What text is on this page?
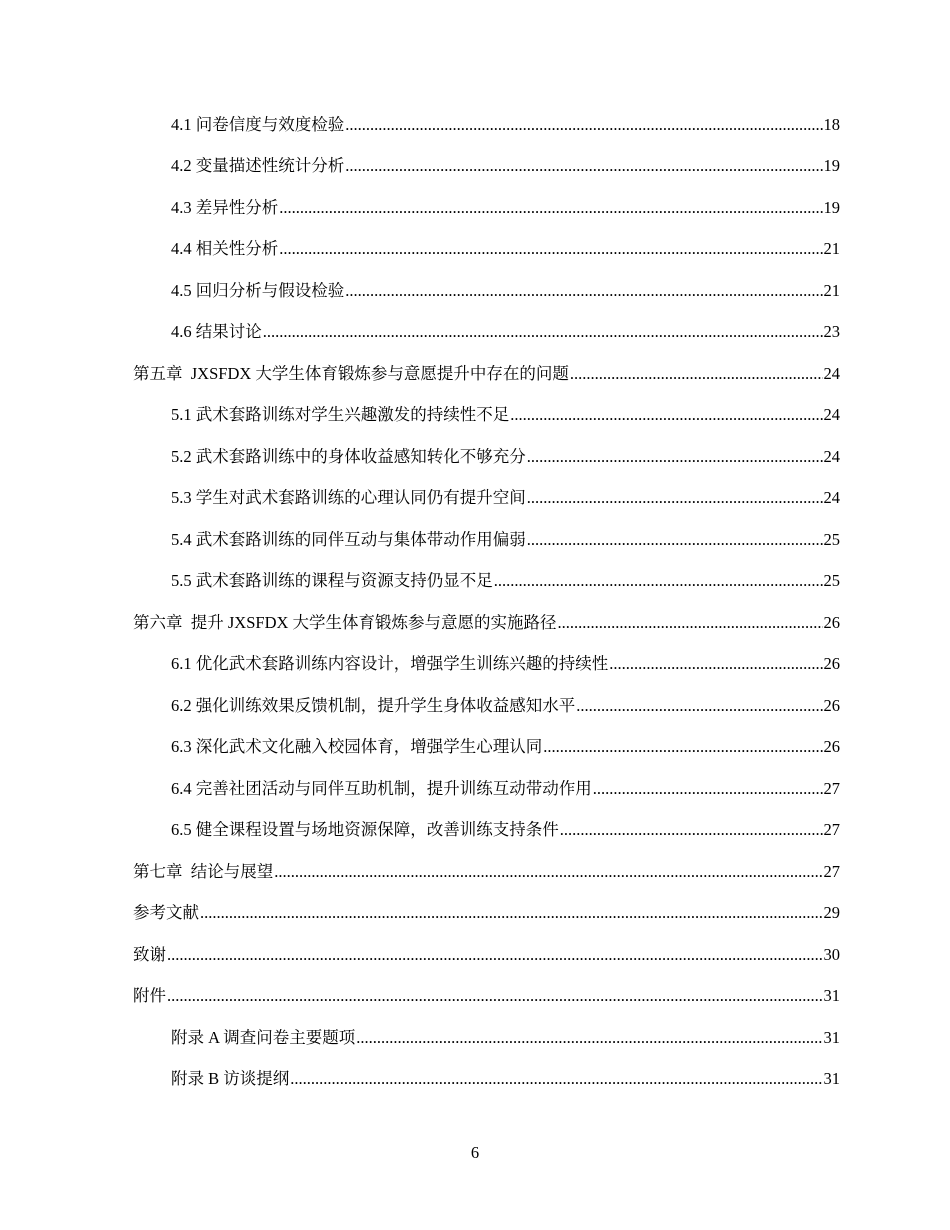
4.1 问卷信度与效度检验 .....	18
4.2 变量描述性统计分析 .....	19
4.3 差异性分析 .....	19
4.4 相关性分析 .....	21
4.5 回归分析与假设检验 .....	21
4.6 结果讨论 .....	23
第五章  JXSFDX 大学生体育锻炼参与意愿提升中存在的问题 .....	24
5.1 武术套路训练对学生兴趣激发的持续性不足 .....	24
5.2 武术套路训练中的身体收益感知转化不够充分 .....	24
5.3 学生对武术套路训练的心理认同仍有提升空间 .....	24
5.4 武术套路训练的同伴互动与集体带动作用偏弱 .....	25
5.5 武术套路训练的课程与资源支持仍显不足 .....	25
第六章  提升 JXSFDX 大学生体育锻炼参与意愿的实施路径 .....	26
6.1 优化武术套路训练内容设计，增强学生训练兴趣的持续性 .....	26
6.2 强化训练效果反馈机制，提升学生身体收益感知水平 .....	26
6.3 深化武术文化融入校园体育，增强学生心理认同 .....	26
6.4 完善社团活动与同伴互助机制，提升训练互动带动作用 .....	27
6.5 健全课程设置与场地资源保障，改善训练支持条件 .....	27
第七章  结论与展望 .....	27
参考文献 .....	29
致谢 .....	30
附件 .....	31
附录 A 调查问卷主要题项 .....	31
附录 B 访谈提纲 .....	31
6
